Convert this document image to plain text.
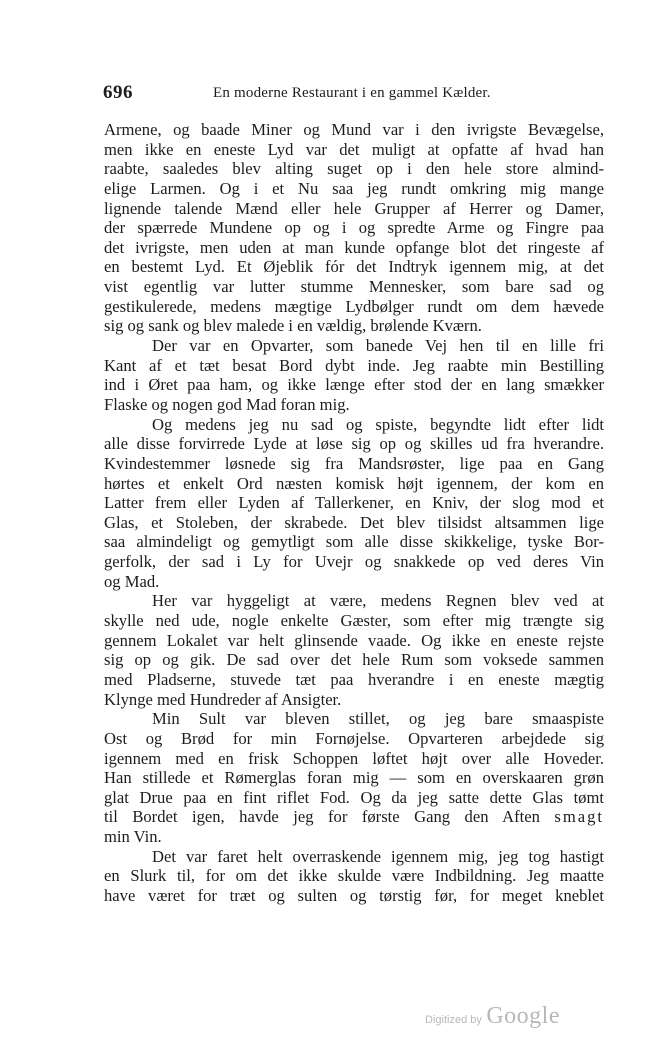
696	En moderne Restaurant i en gammel Kælder.
Armene, og baade Miner og Mund var i den ivrigste Bevægelse,
men ikke en eneste Lyd var det muligt at opfatte af hvad han
raabte, saaledes blev alting suget op i den hele store almind-
elige Larmen. Og i et Nu saa jeg rundt omkring mig mange
lignende talende Mænd eller hele Grupper af Herrer og Damer,
der spærrede Mundene op og i og spredte Arme og Fingre paa
det ivrigste, men uden at man kunde opfange blot det ringeste af
en bestemt Lyd. Et Øjeblik fór det Indtryk igennem mig, at det
vist egentlig var lutter stumme Mennesker, som bare sad og
gestikulerede, medens mægtige Lydbølger rundt om dem hævede
sig og sank og blev malede i en vældig, brølende Kværn.
Der var en Opvarter, som banede Vej hen til en lille fri
Kant af et tæt besat Bord dybt inde. Jeg raabte min Bestilling
ind i Øret paa ham, og ikke længe efter stod der en lang smækker
Flaske og nogen god Mad foran mig.
Og medens jeg nu sad og spiste, begyndte lidt efter lidt
alle disse forvirrede Lyde at løse sig op og skilles ud fra hverandre.
Kvindestemmer løsnede sig fra Mandsrøster, lige paa en Gang
hørtes et enkelt Ord næsten komisk højt igennem, der kom en
Latter frem eller Lyden af Tallerkener, en Kniv, der slog mod et
Glas, et Stoleben, der skrabede. Det blev tilsidst altsammen lige
saa almindeligt og gemytligt som alle disse skikkelige, tyske Bor-
gerfolk, der sad i Ly for Uvejr og snakkede op ved deres Vin
og Mad.
Her var hyggeligt at være, medens Regnen blev ved at
skylle ned ude, nogle enkelte Gæster, som efter mig trængte sig
gennem Lokalet var helt glinsende vaade. Og ikke en eneste rejste
sig op og gik. De sad over det hele Rum som voksede sammen
med Pladserne, stuvede tæt paa hverandre i en eneste mægtig
Klynge med Hundreder af Ansigter.
Min Sult var bleven stillet, og jeg bare smaaspiste
Ost og Brød for min Fornøjelse. Opvarteren arbejdede sig
igennem med en frisk Schoppen løftet højt over alle Hoveder.
Han stillede et Rømerglas foran mig — som en overskaaren grøn
glat Drue paa en fint riflet Fod. Og da jeg satte dette Glas tømt
til Bordet igen, havde jeg for første Gang den Aften smagt
min Vin.
Det var faret helt overraskende igennem mig, jeg tog hastigt
en Slurk til, for om det ikke skulde være Indbildning. Jeg maatte
have været for træt og sulten og tørstig før, for meget kneblet
Digitized by Google
